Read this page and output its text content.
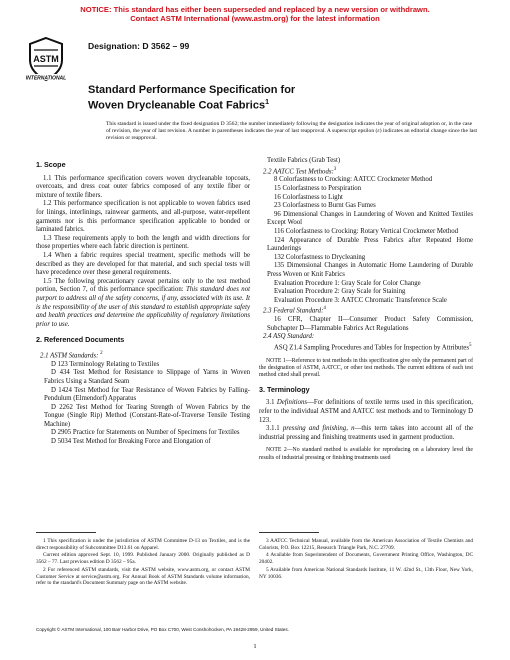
NOTICE: This standard has either been superseded and replaced by a new version or withdrawn.
Contact ASTM International (www.astm.org) for the latest information
ASTM
INTERNATIONAL
Designation: D 3562 – 99
Standard Performance Specification for
Woven Drycleanable Coat Fabrics$^1$
This standard is issued under the fixed designation D 3562; the number immediately following the designation indicates the year of original adoption or, in the case of revision, the year of last revision. A number in parentheses indicates the year of last reapproval. A superscript epsilon (ε) indicates an editorial change since the last revision or reapproval.
1. Scope

1.1 This performance specification covers woven drycleanable topcoats, overcoats, and dress coat outer fabrics composed of any textile fiber or mixture of textile fibers.

1.2 This performance specification is not applicable to woven fabrics used for linings, interlinings, rainwear garments, and all-purpose, water-repellent garments nor is this performance specification applicable to bonded or laminated fabrics.

1.3 These requirements apply to both the length and width directions for those properties where each fabric direction is pertinent.

1.4 When a fabric requires special treatment, specific methods will be described as they are developed for that material, and such special tests will have precedence over these general requirements.

1.5 The following precautionary caveat pertains only to the test method portion, Section 7, of this performance specification: This standard does not purport to address all of the safety concerns, if any, associated with its use. It is the responsibility of the user of this standard to establish appropriate safety and health practices and determine the applicability of regulatory limitations prior to use.

2. Referenced Documents

2.1 ASTM Standards: $^2$

D 123 Terminology Relating to Textiles

D 434 Test Method for Resistance to Slippage of Yarns in Woven Fabrics Using a Standard Seam

D 1424 Test Method for Tear Resistance of Woven Fabrics by Falling-Pendulum (Elmendorf) Apparatus

D 2262 Test Method for Tearing Strength of Woven Fabrics by the Tongue (Single Rip) Method (Constant-Rate-of-Traverse Tensile Testing Machine)

D 2905 Practice for Statements on Number of Specimens for Textiles

D 5034 Test Method for Breaking Force and Elongation of

Textile Fabrics (Grab Test)

2.2 AATCC Test Methods:$^3$

8 Colorfastness to Crocking: AATCC Crockmeter Method

15 Colorfastness to Perspiration

16 Colorfastness to Light

23 Colorfastness to Burnt Gas Fumes

96 Dimensional Changes in Laundering of Woven and Knitted Textiles Except Wool

116 Colorfastness to Crocking: Rotary Vertical Crockmeter Method

124 Appearance of Durable Press Fabrics after Repeated Home Launderings

132 Colorfastness to Drycleaning

135 Dimensional Changes in Automatic Home Laundering of Durable Press Woven or Knit Fabrics

Evaluation Procedure 1: Gray Scale for Color Change

Evaluation Procedure 2: Gray Scale for Staining

Evaluation Procedure 3: AATCC Chromatic Transference Scale

2.3 Federal Standard:$^4$

16 CFR, Chapter II—Consumer Product Safety Commission, Subchapter D—Flammable Fabrics Act Regulations

2.4 ASQ Standard:

ASQ Z1.4 Sampling Procedures and Tables for Inspection by Attributes$^5$

NOTE 1—Reference to test methods in this specification give only the permanent part of the designation of ASTM, AATCC, or other test methods. The current editions of each test method cited shall prevail.
3. Terminology

3.1 Definitions—For definitions of textile terms used in this specification, refer to the individual ASTM and AATCC test methods and to Terminology D 123.

3.1.1 pressing and finishing, n—this term takes into account all of the industrial pressing and finishing treatments used in garment production.

NOTE 2—No standard method is available for reproducing on a laboratory level the results of industrial pressing or finishing treatments used

1 This specification is under the jurisdiction of ASTM Committee D-13 on Textiles, and is the direct responsibility of Subcommittee D13.61 on Apparel.

Current edition approved Sept. 10, 1999. Published January 2000. Originally published as D 3562 – 77. Last previous edition D 3562 – 95a.

2 For referenced ASTM standards, visit the ASTM website, www.astm.org, or contact ASTM Customer Service at service@astm.org. For Annual Book of ASTM Standards volume information, refer to the standard's Document Summary page on the ASTM website.

3 AATCC Technical Manual, available from the American Association of Textile Chemists and Colorists, P.O. Box 12215, Research Triangle Park, N.C. 27709.

4 Available from Superintendent of Documents, Government Printing Office, Washington, DC 20402.

5 Available from American National Standards Institute, 11 W. 42nd St., 13th Floor, New York, NY 10036.

Copyright © ASTM International, 100 Barr Harbor Drive, PO Box C700, West Conshohocken, PA 19428-2959, United States.
1
